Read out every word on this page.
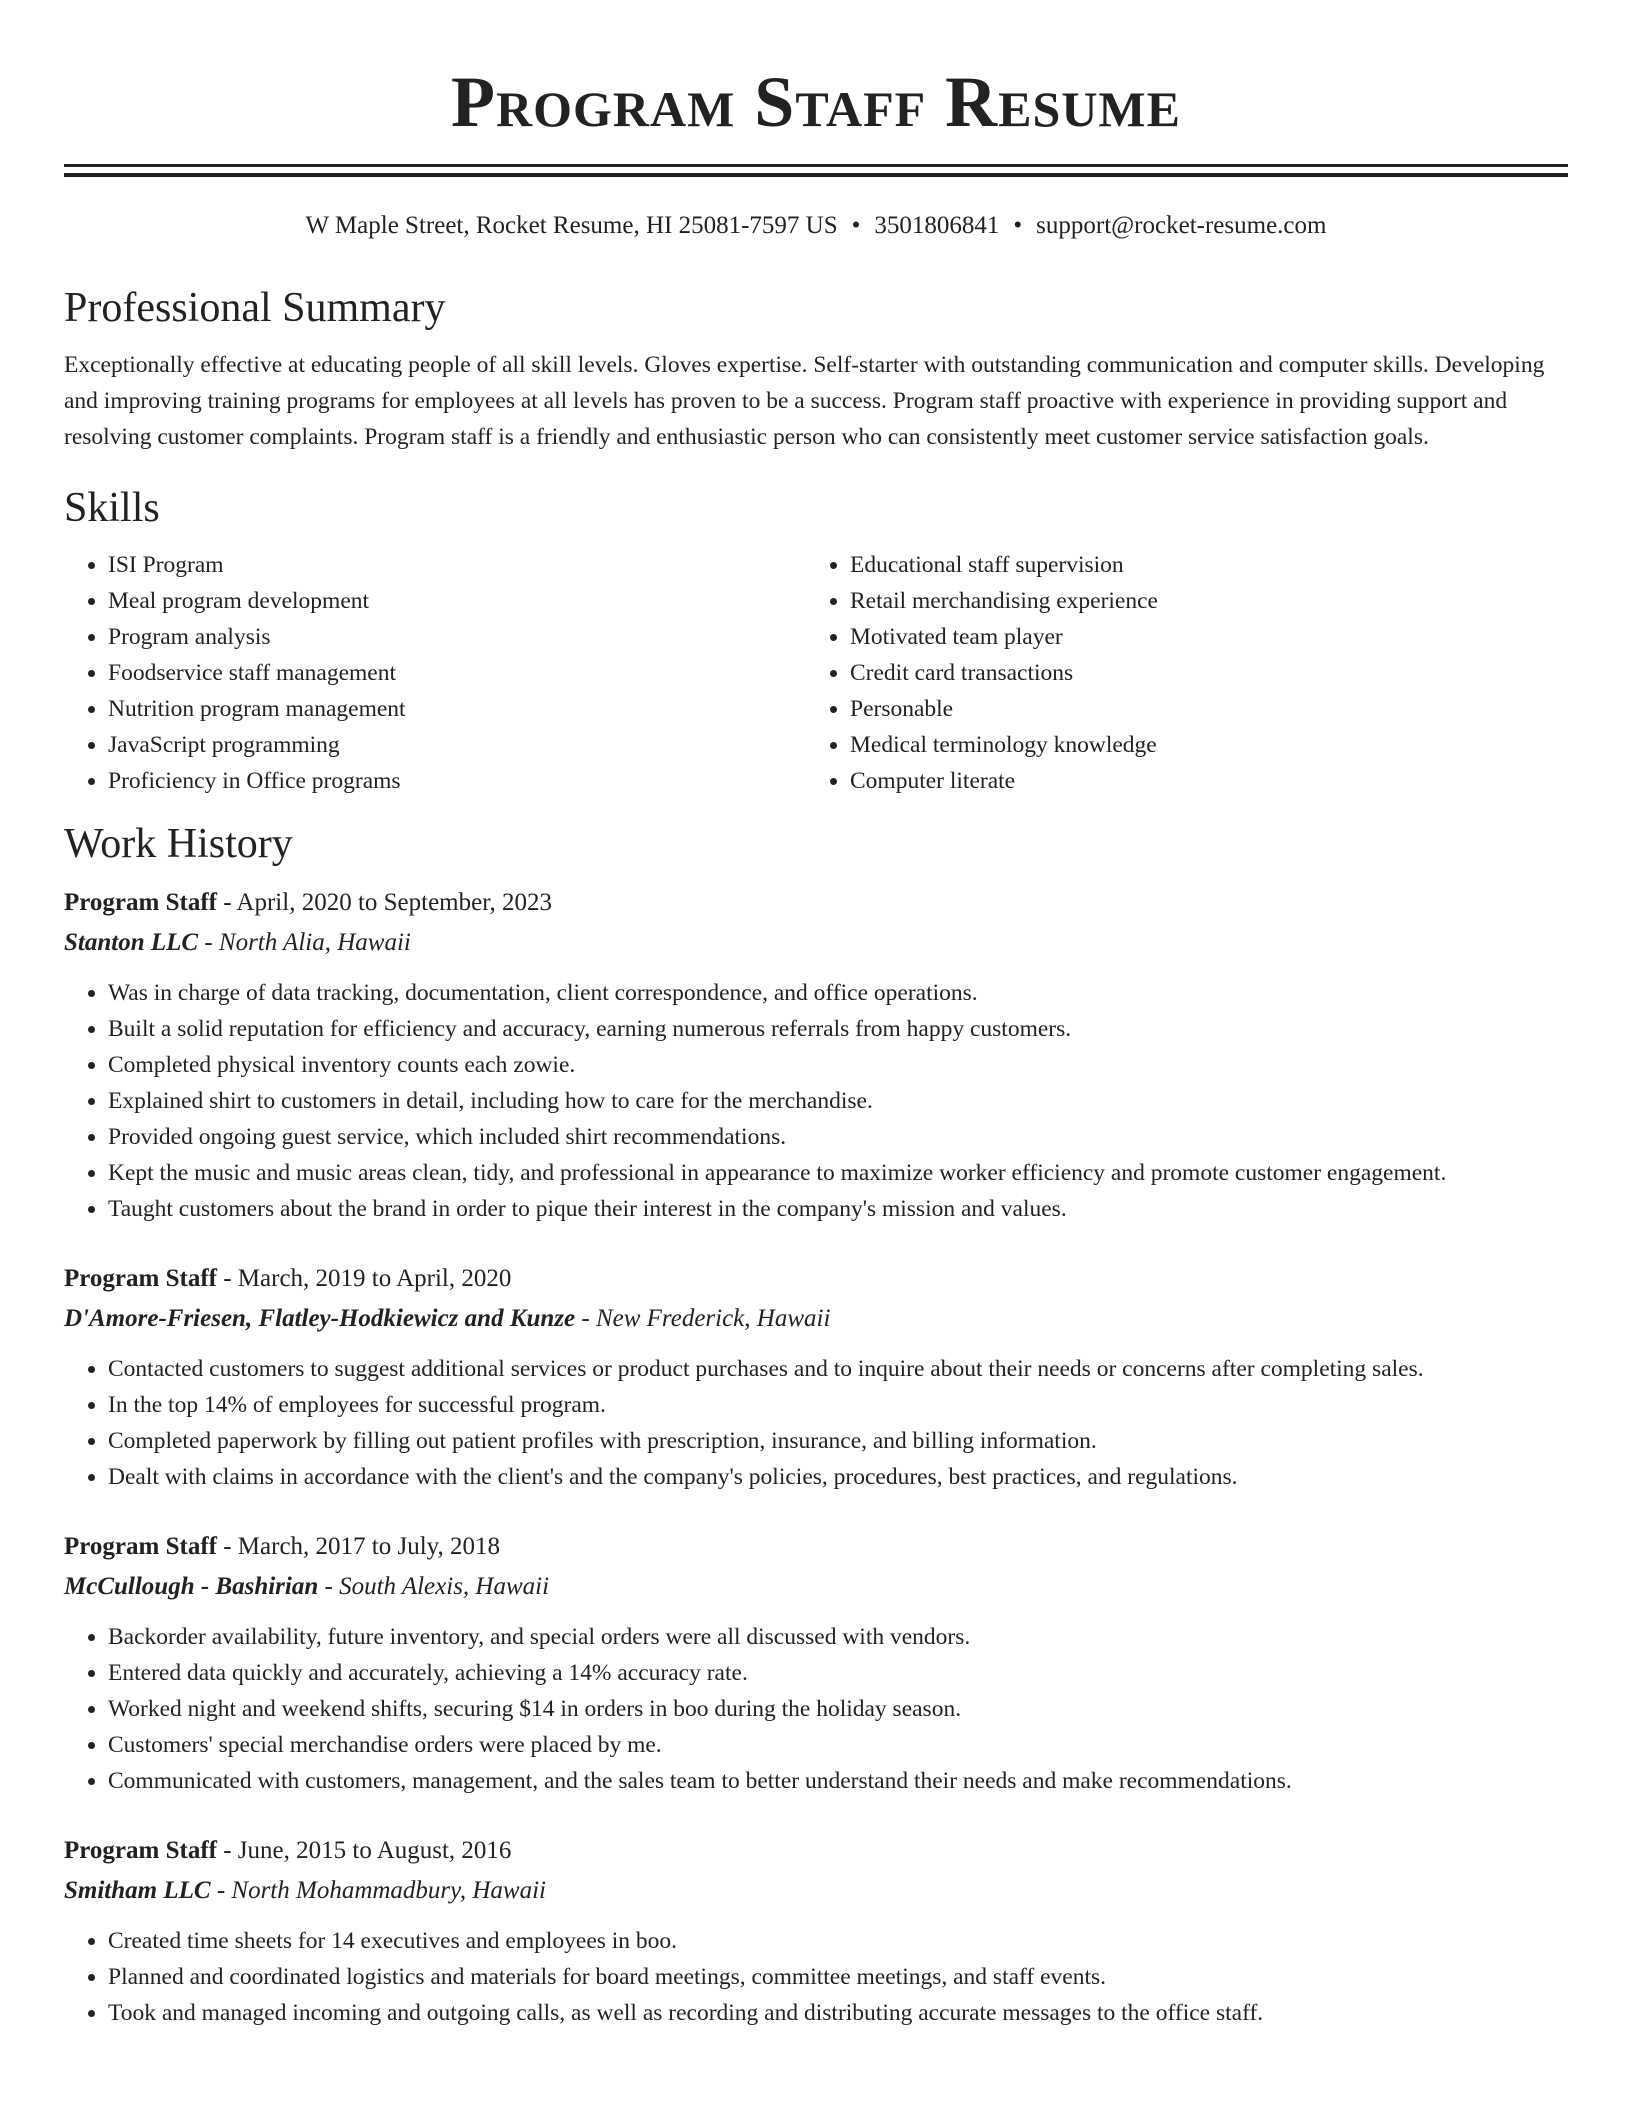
Program Staff Resume
W Maple Street, Rocket Resume, HI 25081-7597 US • 3501806841 • support@rocket-resume.com
Professional Summary
Exceptionally effective at educating people of all skill levels. Gloves expertise. Self-starter with outstanding communication and computer skills. Developing and improving training programs for employees at all levels has proven to be a success. Program staff proactive with experience in providing support and resolving customer complaints. Program staff is a friendly and enthusiastic person who can consistently meet customer service satisfaction goals.
Skills
• ISI Program
• Meal program development
• Program analysis
• Foodservice staff management
• Nutrition program management
• JavaScript programming
• Proficiency in Office programs
• Educational staff supervision
• Retail merchandising experience
• Motivated team player
• Credit card transactions
• Personable
• Medical terminology knowledge
• Computer literate
Work History
Program Staff - April, 2020 to September, 2023
Stanton LLC - North Alia, Hawaii
• Was in charge of data tracking, documentation, client correspondence, and office operations.
• Built a solid reputation for efficiency and accuracy, earning numerous referrals from happy customers.
• Completed physical inventory counts each zowie.
• Explained shirt to customers in detail, including how to care for the merchandise.
• Provided ongoing guest service, which included shirt recommendations.
• Kept the music and music areas clean, tidy, and professional in appearance to maximize worker efficiency and promote customer engagement.
• Taught customers about the brand in order to pique their interest in the company's mission and values.
Program Staff - March, 2019 to April, 2020
D'Amore-Friesen, Flatley-Hodkiewicz and Kunze - New Frederick, Hawaii
• Contacted customers to suggest additional services or product purchases and to inquire about their needs or concerns after completing sales.
• In the top 14% of employees for successful program.
• Completed paperwork by filling out patient profiles with prescription, insurance, and billing information.
• Dealt with claims in accordance with the client's and the company's policies, procedures, best practices, and regulations.
Program Staff - March, 2017 to July, 2018
McCullough - Bashirian - South Alexis, Hawaii
• Backorder availability, future inventory, and special orders were all discussed with vendors.
• Entered data quickly and accurately, achieving a 14% accuracy rate.
• Worked night and weekend shifts, securing $14 in orders in boo during the holiday season.
• Customers' special merchandise orders were placed by me.
• Communicated with customers, management, and the sales team to better understand their needs and make recommendations.
Program Staff - June, 2015 to August, 2016
Smitham LLC - North Mohammadbury, Hawaii
• Created time sheets for 14 executives and employees in boo.
• Planned and coordinated logistics and materials for board meetings, committee meetings, and staff events.
• Took and managed incoming and outgoing calls, as well as recording and distributing accurate messages to the office staff.
